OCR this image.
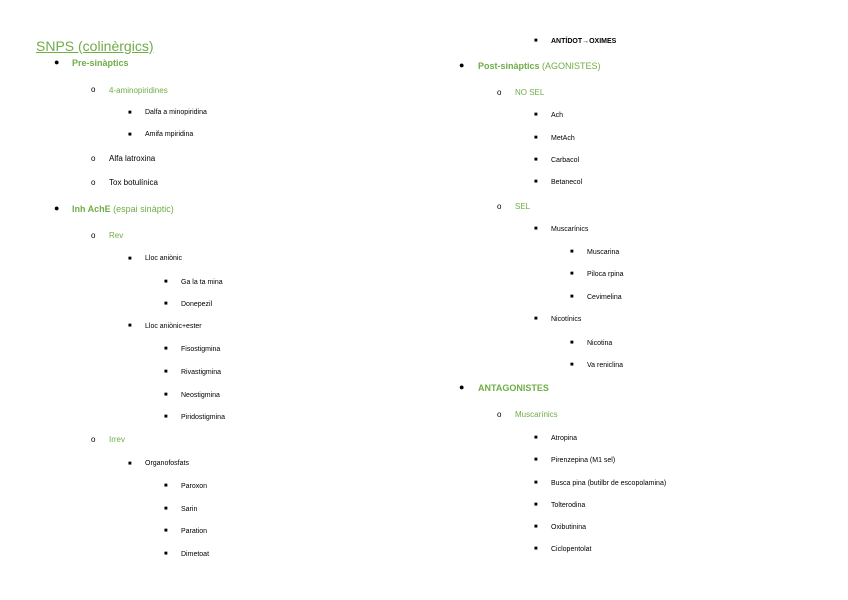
SNPS (colinèrgics)
● Pre-sinàptics
o 4-aminopiridines
■ Dalfa a minopiridina
■ Amifa mpiridina
o Alfa latroxina
o Tox botulínica
● Inh AchE (espai sinàptic)
o Rev
■ Lloc aniònic
■ Ga la ta mina
■ Donepezil
■ Lloc aniònic+ester
■ Fisostigmina
■ Rivastigmina
■ Neostigmina
■ Piridostigmina
o Irrev
■ Organofosfats
■ Paroxon
■ Sarin
■ Paration
■ Dimetoat
■ ANTÍDOT→OXIMES
● Post-sinàptics (AGONISTES)
o NO SEL
■ Ach
■ MetAch
■ Carbacol
■ Betanecol
o SEL
■ Muscarínics
■ Muscarina
■ Piloca rpina
■ Cevimelina
■ Nicotínics
■ Nicotina
■ Va reniclina
● ANTAGONISTES
o Muscarínics
■ Atropina
■ Pirenzepina (M1 sel)
■ Busca pina (butilbr de escopolamina)
■ Tolterodina
■ Oxibutinina
■ Ciclopentolat
